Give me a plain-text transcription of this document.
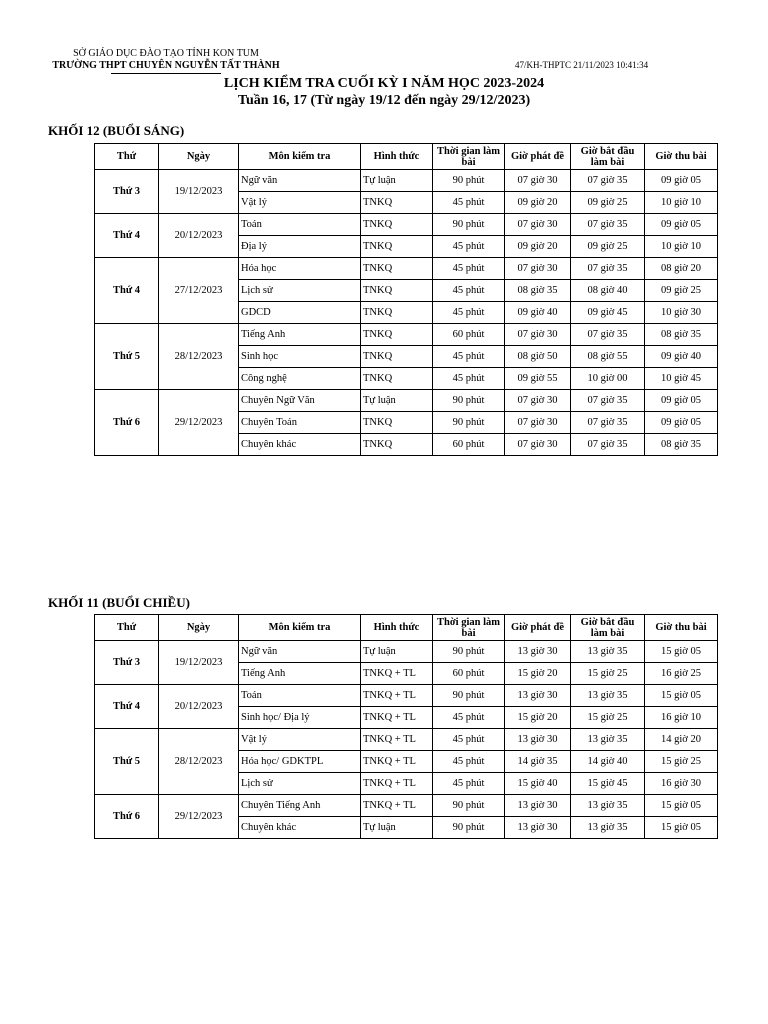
SỞ GIÁO DỤC ĐÀO TẠO TỈNH KON TUM
TRƯỜNG THPT CHUYÊN NGUYỄN TẤT THÀNH	47/KH-THPTC 21/11/2023 10:41:34
LỊCH KIỂM TRA CUỐI KỲ I NĂM HỌC 2023-2024
Tuần 16, 17 (Từ ngày 19/12 đến ngày 29/12/2023)
KHỐI 12 (BUỔI SÁNG)
Thứ	Ngày	Môn kiểm tra	Hình thức	Thời gian làm bài	Giờ phát đề	Giờ bắt đầu làm bài	Giờ thu bài
Thứ 3	19/12/2023	Ngữ văn	Tự luận	90 phút	07 giờ 30	07 giờ 35	09 giờ 05
		Vật lý	TNKQ	45 phút	09 giờ 20	09 giờ 25	10 giờ 10
Thứ 4	20/12/2023	Toán	TNKQ	90 phút	07 giờ 30	07 giờ 35	09 giờ 05
		Địa lý	TNKQ	45 phút	09 giờ 20	09 giờ 25	10 giờ 10
Thứ 4	27/12/2023	Hóa học	TNKQ	45 phút	07 giờ 30	07 giờ 35	08 giờ 20
		Lịch sử	TNKQ	45 phút	08 giờ 35	08 giờ 40	09 giờ 25
		GDCD	TNKQ	45 phút	09 giờ 40	09 giờ 45	10 giờ 30
Thứ 5	28/12/2023	Tiếng Anh	TNKQ	60 phút	07 giờ 30	07 giờ 35	08 giờ 35
		Sinh học	TNKQ	45 phút	08 giờ 50	08 giờ 55	09 giờ 40
		Công nghệ	TNKQ	45 phút	09 giờ 55	10 giờ 00	10 giờ 45
Thứ 6	29/12/2023	Chuyên Ngữ Văn	Tự luận	90 phút	07 giờ 30	07 giờ 35	09 giờ 05
		Chuyên Toán	TNKQ	90 phút	07 giờ 30	07 giờ 35	09 giờ 05
		Chuyên khác	TNKQ	60 phút	07 giờ 30	07 giờ 35	08 giờ 35
KHỐI 11 (BUỔI CHIỀU)
Thứ	Ngày	Môn kiểm tra	Hình thức	Thời gian làm bài	Giờ phát đề	Giờ bắt đầu làm bài	Giờ thu bài
Thứ 3	19/12/2023	Ngữ văn	Tự luận	90 phút	13 giờ 30	13 giờ 35	15 giờ 05
		Tiếng Anh	TNKQ + TL	60 phút	15 giờ 20	15 giờ 25	16 giờ 25
Thứ 4	20/12/2023	Toán	TNKQ + TL	90 phút	13 giờ 30	13 giờ 35	15 giờ 05
		Sinh học/ Địa lý	TNKQ + TL	45 phút	15 giờ 20	15 giờ 25	16 giờ 10
Thứ 5	28/12/2023	Vật lý	TNKQ + TL	45 phút	13 giờ 30	13 giờ 35	14 giờ 20
		Hóa học/ GDKTPL	TNKQ + TL	45 phút	14 giờ 35	14 giờ 40	15 giờ 25
		Lịch sử	TNKQ + TL	45 phút	15 giờ 40	15 giờ 45	16 giờ 30
Thứ 6	29/12/2023	Chuyên Tiếng Anh	TNKQ + TL	90 phút	13 giờ 30	13 giờ 35	15 giờ 05
		Chuyên khác	Tự luận	90 phút	13 giờ 30	13 giờ 35	15 giờ 05
